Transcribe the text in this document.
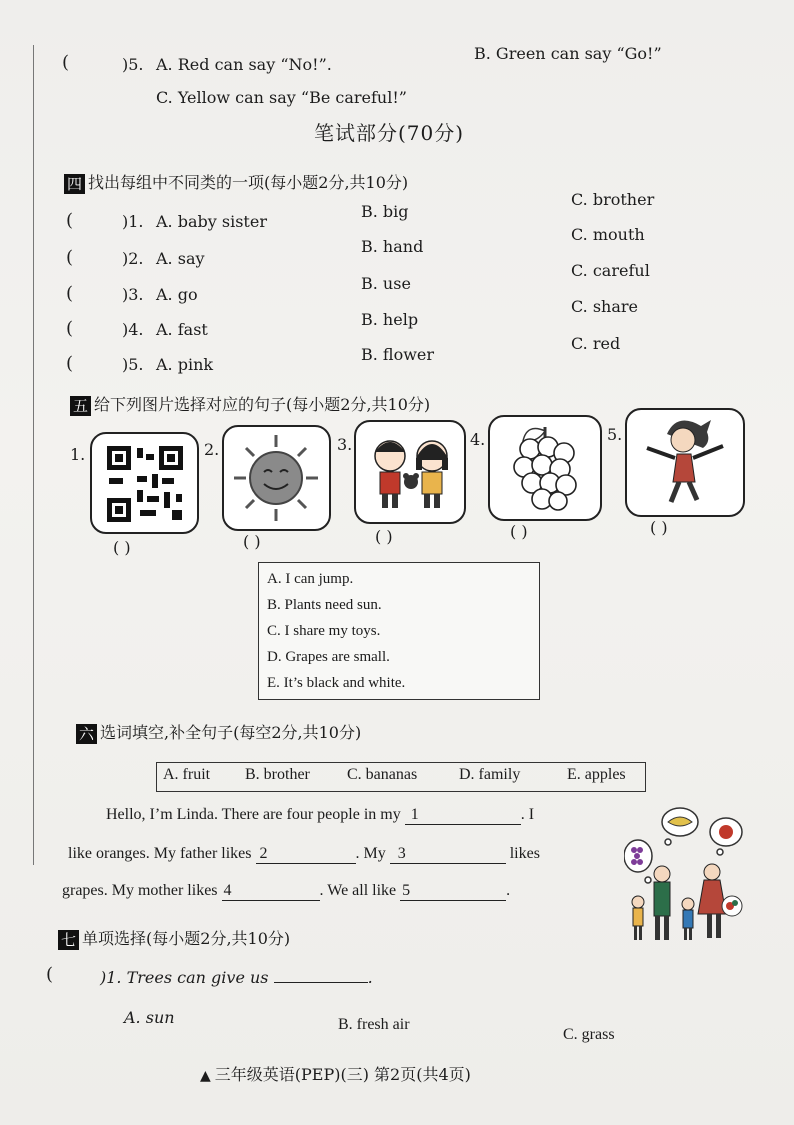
(	)5. A. Red can say “No!”.
B. Green can say “Go!”
C. Yellow can say “Be careful!”
笔试部分(70分)
四 找出每组中不同类的一项(每小题2分,共10分)
(	)1. A. baby sister
B. big
C. brother
(	)2. A. say
B. hand
C. mouth
(	)3. A. go
B. use
C. careful
(	)4. A. fast
B. help
C. share
(	)5. A. pink
B. flower
C. red
五 给下列图片选择对应的句子(每小题2分,共10分)
1.
( )
2.
( )
3.
( )
4.
( )
5.
( )
A. I can jump.
B. Plants need sun.
C. I share my toys.
D. Grapes are small.
E. It’s black and white.
六 选词填空,补全句子(每空2分,共10分)
A. fruit B. brother C. bananas	D. family	E. apples
Hello, I’m Linda. There are four people in my 1	. I
like oranges. My father likes 2	. My 3	likes
grapes. My mother likes 4	. We all like 5	.
七 单项选择(每小题2分,共10分)
(	)1. Trees can give us	.
A. sun	B. fresh air
C. grass
▲ 三年级英语(PEP)(三) 第2页(共4页)
